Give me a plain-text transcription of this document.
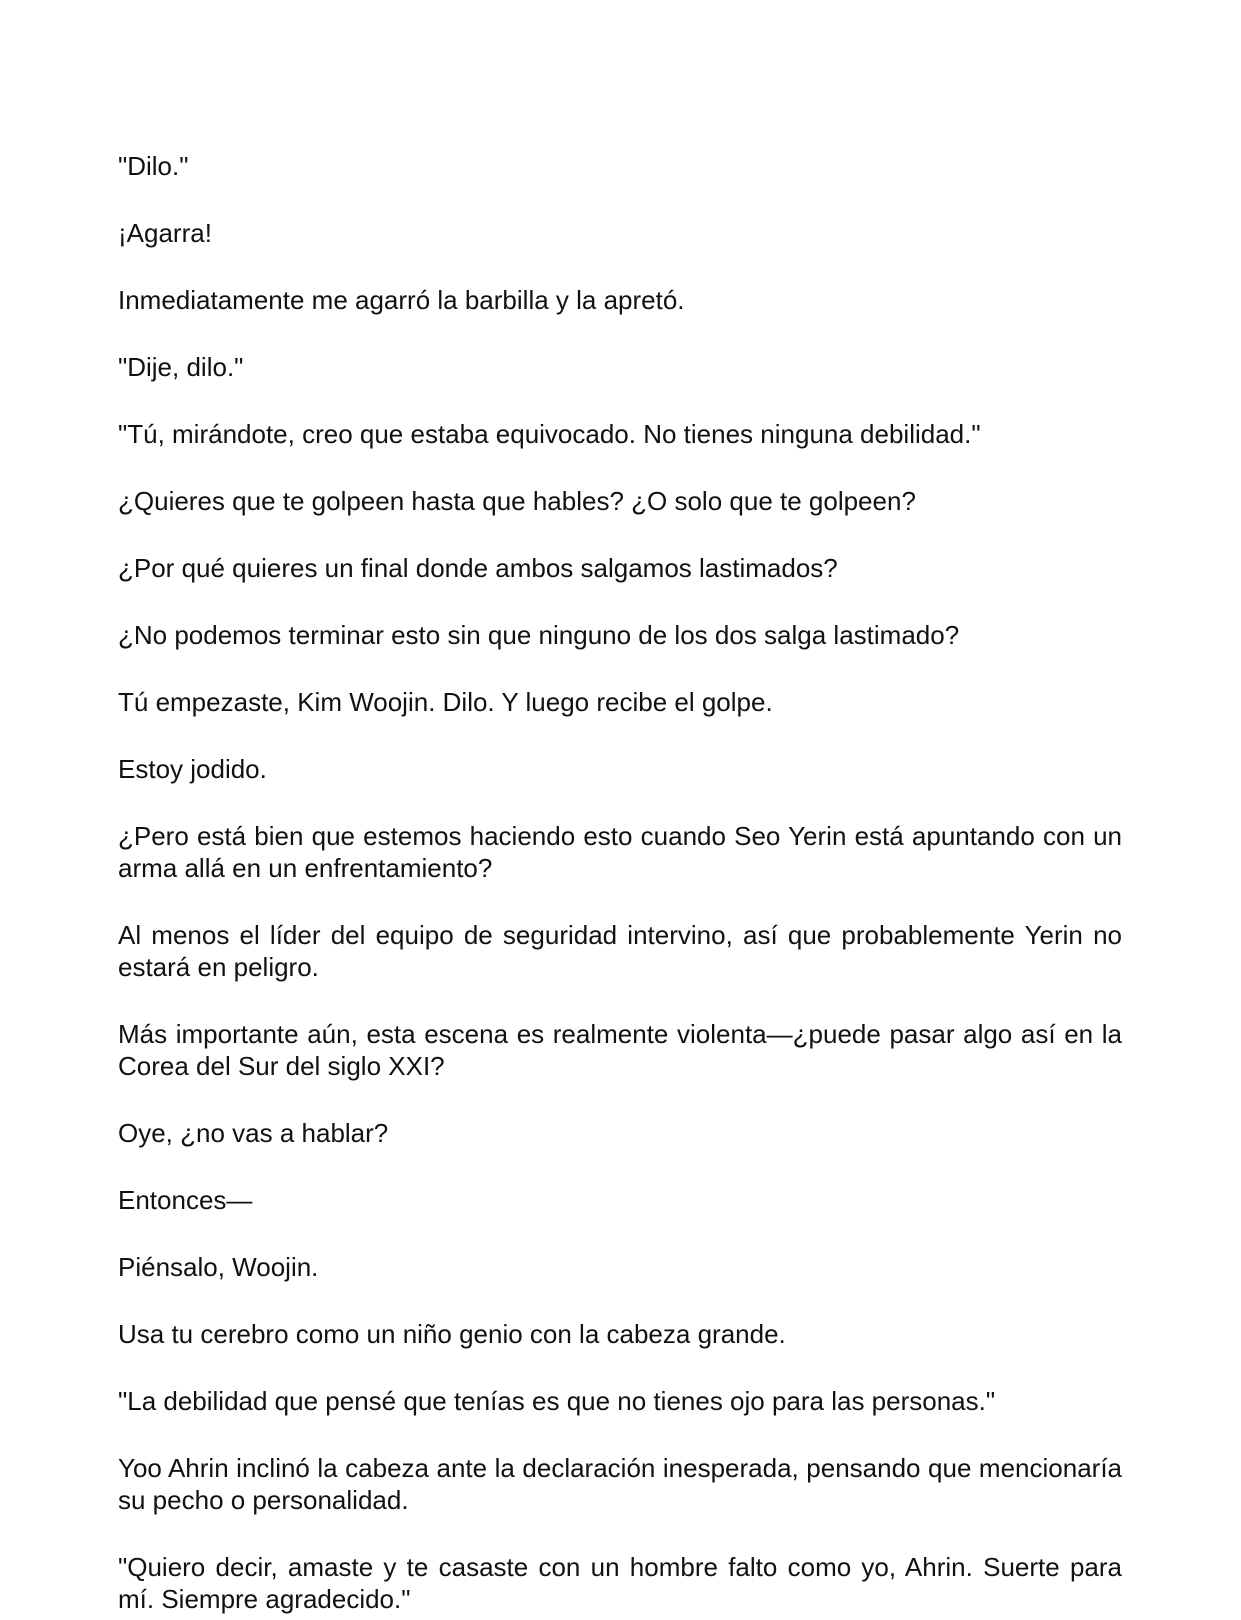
"Dilo."

¡Agarra!

Inmediatamente me agarró la barbilla y la apretó.

"Dije, dilo."

"Tú, mirándote, creo que estaba equivocado. No tienes ninguna debilidad."

¿Quieres que te golpeen hasta que hables? ¿O solo que te golpeen?

¿Por qué quieres un final donde ambos salgamos lastimados?

¿No podemos terminar esto sin que ninguno de los dos salga lastimado?

Tú empezaste, Kim Woojin. Dilo. Y luego recibe el golpe.

Estoy jodido.

¿Pero está bien que estemos haciendo esto cuando Seo Yerin está apuntando con un arma allá en un enfrentamiento?

Al menos el líder del equipo de seguridad intervino, así que probablemente Yerin no estará en peligro.

Más importante aún, esta escena es realmente violenta—¿puede pasar algo así en la Corea del Sur del siglo XXI?

Oye, ¿no vas a hablar?

Entonces—

Piénsalo, Woojin.

Usa tu cerebro como un niño genio con la cabeza grande.

"La debilidad que pensé que tenías es que no tienes ojo para las personas."

Yoo Ahrin inclinó la cabeza ante la declaración inesperada, pensando que mencionaría su pecho o personalidad.

"Quiero decir, amaste y te casaste con un hombre falto como yo, Ahrin. Suerte para mí. Siempre agradecido."
